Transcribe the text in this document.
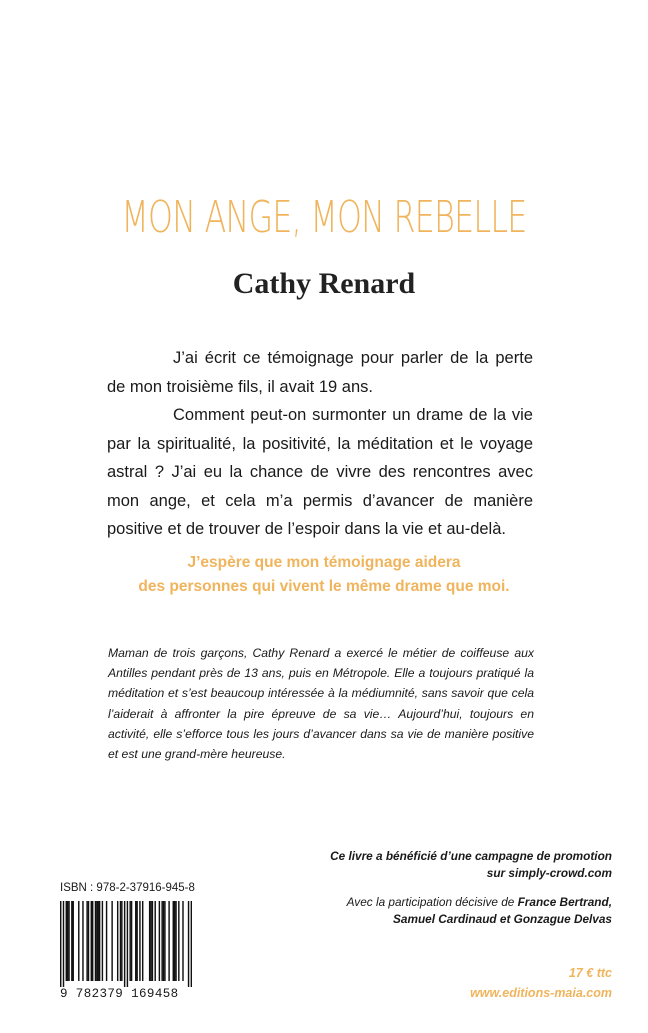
MON ANGE, MON REBELLE
Cathy Renard

J’ai écrit ce témoignage pour parler de la perte de mon troisième fils, il avait 19 ans.

Comment peut-on surmonter un drame de la vie par la spiritualité, la positivité, la méditation et le voyage astral ? J’ai eu la chance de vivre des rencontres avec mon ange, et cela m’a permis d’avancer de manière positive et de trouver de l’espoir dans la vie et au-delà.

J’espère que mon témoignage aidera
des personnes qui vivent le même drame que moi.

Maman de trois garçons, Cathy Renard a exercé le métier de coiffeuse aux Antilles pendant près de 13 ans, puis en Métropole. Elle a toujours pratiqué la méditation et s’est beaucoup intéressée à la médiumnité, sans savoir que cela l’aiderait à affronter la pire épreuve de sa vie… Aujourd’hui, toujours en activité, elle s’efforce tous les jours d’avancer dans sa vie de manière positive et est une grand-mère heureuse.

ISBN : 978-2-37916-945-8

9 782379 169458

Ce livre a bénéficié d’une campagne de promotion
sur simply-crowd.com
Avec la participation décisive de France Bertrand,
Samuel Cardinaud et Gonzague Delvas

17 € ttc

www.editions-maia.com
